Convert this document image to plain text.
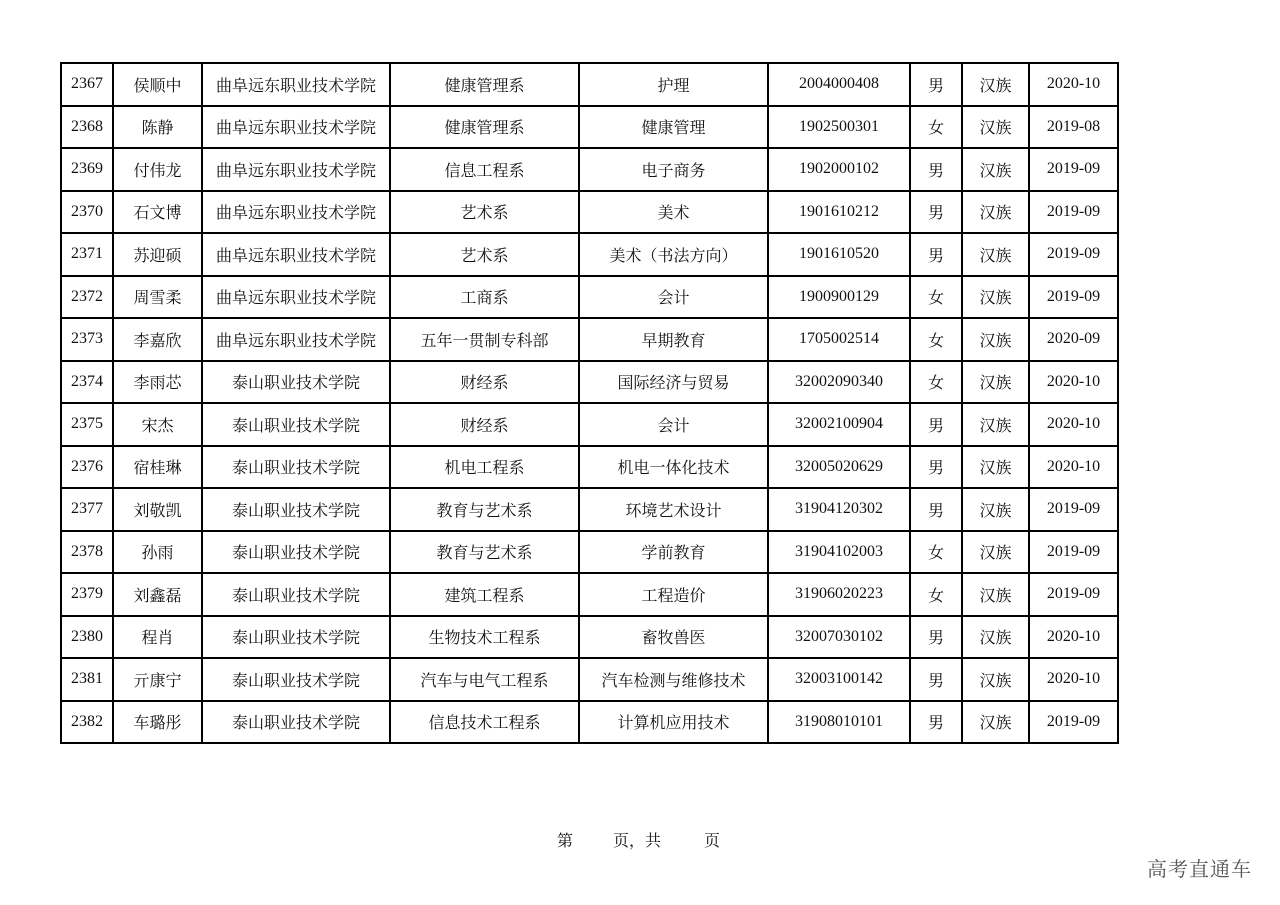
2367	侯顺中	曲阜远东职业技术学院	健康管理系	护理	2004000408	男	汉族	2020-10
2368	陈静	曲阜远东职业技术学院	健康管理系	健康管理	1902500301	女	汉族	2019-08
2369	付伟龙	曲阜远东职业技术学院	信息工程系	电子商务	1902000102	男	汉族	2019-09
2370	石文博	曲阜远东职业技术学院	艺术系	美术	1901610212	男	汉族	2019-09
2371	苏迎硕	曲阜远东职业技术学院	艺术系	美术（书法方向）	1901610520	男	汉族	2019-09
2372	周雪柔	曲阜远东职业技术学院	工商系	会计	1900900129	女	汉族	2019-09
2373	李嘉欣	曲阜远东职业技术学院	五年一贯制专科部	早期教育	1705002514	女	汉族	2020-09
2374	李雨芯	泰山职业技术学院	财经系	国际经济与贸易	32002090340	女	汉族	2020-10
2375	宋杰	泰山职业技术学院	财经系	会计	32002100904	男	汉族	2020-10
2376	宿桂琳	泰山职业技术学院	机电工程系	机电一体化技术	32005020629	男	汉族	2020-10
2377	刘敬凯	泰山职业技术学院	教育与艺术系	环境艺术设计	31904120302	男	汉族	2019-09
2378	孙雨	泰山职业技术学院	教育与艺术系	学前教育	31904102003	女	汉族	2019-09
2379	刘鑫磊	泰山职业技术学院	建筑工程系	工程造价	31906020223	女	汉族	2019-09
2380	程肖	泰山职业技术学院	生物技术工程系	畜牧兽医	32007030102	男	汉族	2020-10
2381	亓康宁	泰山职业技术学院	汽车与电气工程系	汽车检测与维修技术	32003100142	男	汉族	2020-10
2382	车璐彤	泰山职业技术学院	信息技术工程系	计算机应用技术	31908010101	男	汉族	2019-09
第 页，共	页
高考直通车
